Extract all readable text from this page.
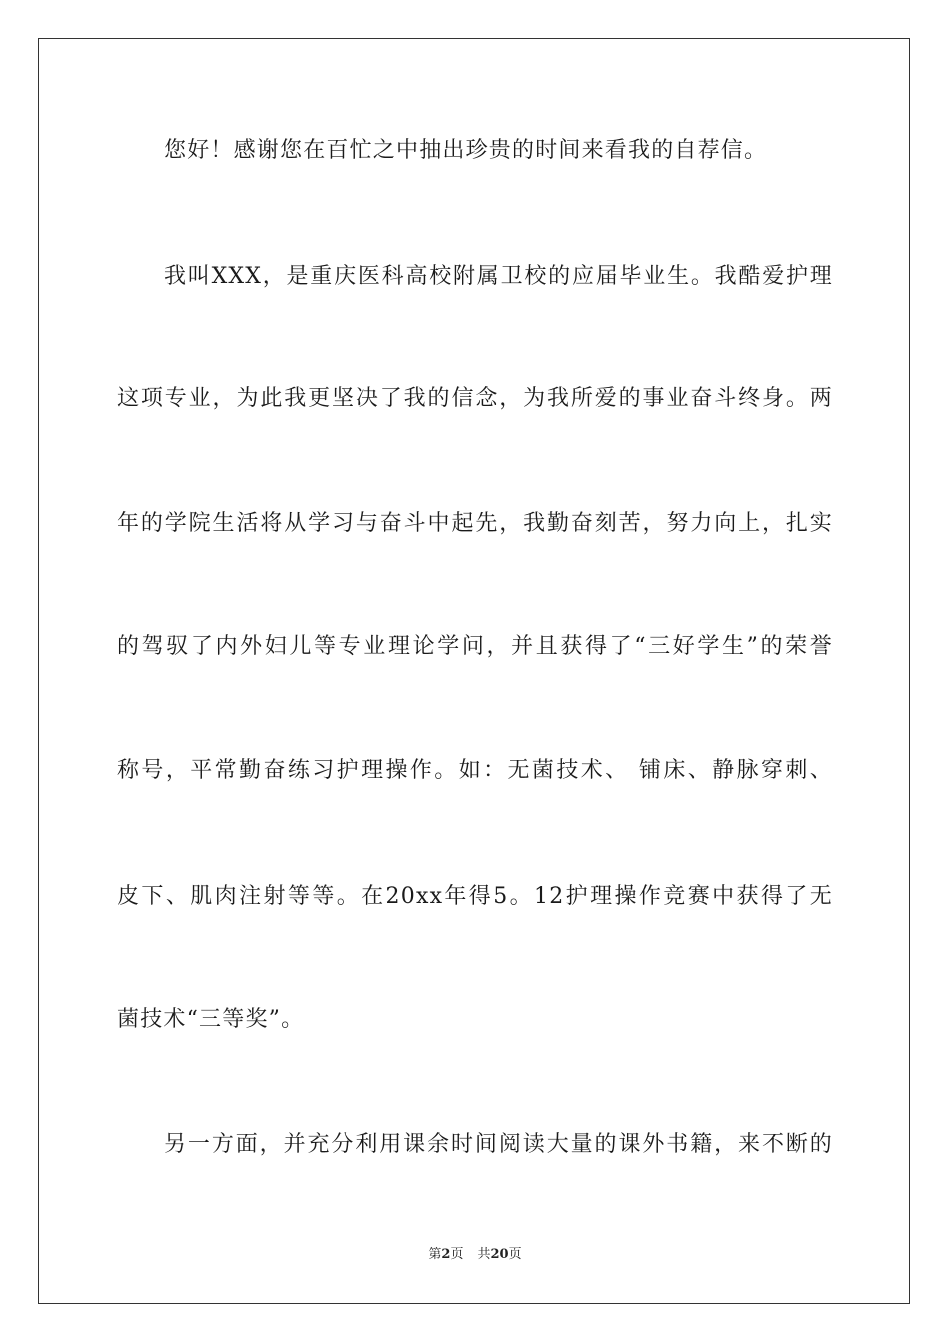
您好！感谢您在百忙之中抽出珍贵的时间来看我的自荐信。
我叫XXX，是重庆医科高校附属卫校的应届毕业生。我酷爱护理
这项专业，为此我更坚决了我的信念，为我所爱的事业奋斗终身。两
年的学院生活将从学习与奋斗中起先，我勤奋刻苦，努力向上，扎实
的驾驭了内外妇儿等专业理论学问，并且获得了“三好学生”的荣誉
称号，平常勤奋练习护理操作。如：无菌技术、 铺床、静脉穿刺、
皮下、肌肉注射等等。在20xx年得5。12护理操作竞赛中获得了无
菌技术“三等奖”。
另一方面，并充分利用课余时间阅读大量的课外书籍，来不断的
第2页 共20页
